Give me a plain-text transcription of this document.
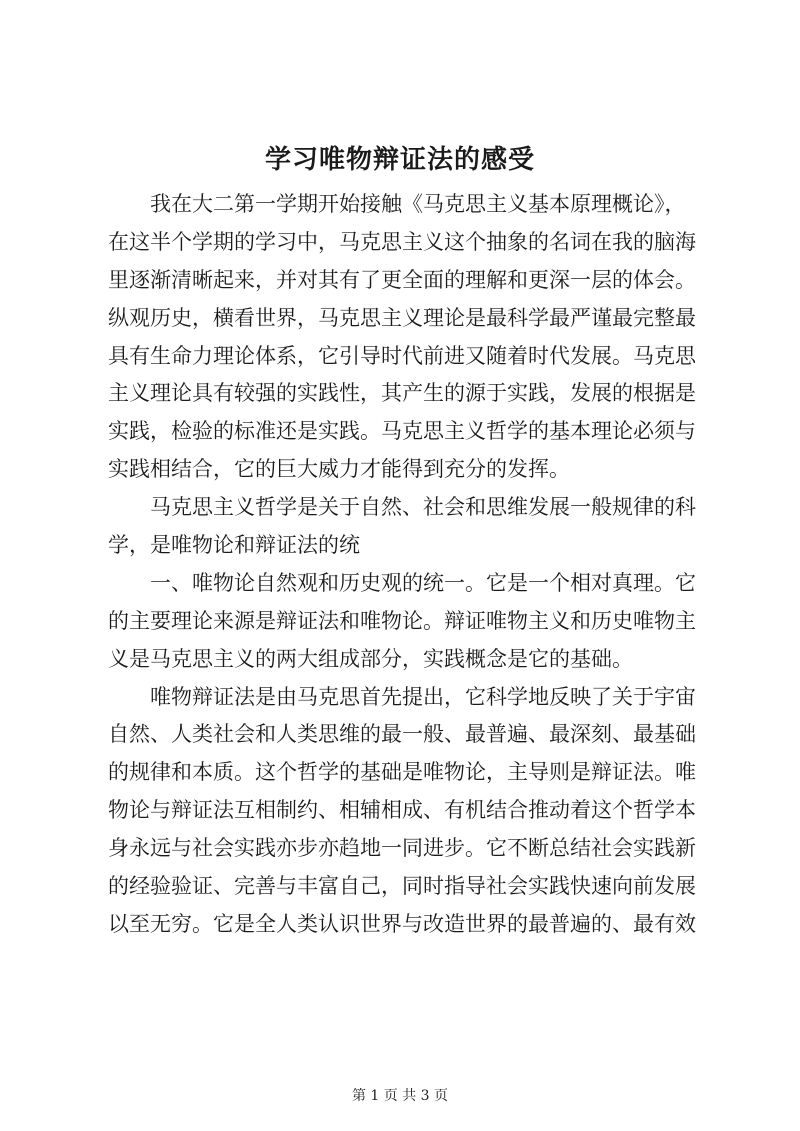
学习唯物辩证法的感受
我在大二第一学期开始接触《马克思主义基本原理概论》，
在这半个学期的学习中，马克思主义这个抽象的名词在我的脑海
里逐渐清晰起来，并对其有了更全面的理解和更深一层的体会。
纵观历史，横看世界，马克思主义理论是最科学最严谨最完整最
具有生命力理论体系，它引导时代前进又随着时代发展。马克思
主义理论具有较强的实践性，其产生的源于实践，发展的根据是
实践，检验的标准还是实践。马克思主义哲学的基本理论必须与
实践相结合，它的巨大威力才能得到充分的发挥。
马克思主义哲学是关于自然、社会和思维发展一般规律的科
学，是唯物论和辩证法的统
一、唯物论自然观和历史观的统一。它是一个相对真理。它
的主要理论来源是辩证法和唯物论。辩证唯物主义和历史唯物主
义是马克思主义的两大组成部分，实践概念是它的基础。
唯物辩证法是由马克思首先提出，它科学地反映了关于宇宙
自然、人类社会和人类思维的最一般、最普遍、最深刻、最基础
的规律和本质。这个哲学的基础是唯物论，主导则是辩证法。唯
物论与辩证法互相制约、相辅相成、有机结合推动着这个哲学本
身永远与社会实践亦步亦趋地一同进步。它不断总结社会实践新
的经验验证、完善与丰富自己，同时指导社会实践快速向前发展
以至无穷。它是全人类认识世界与改造世界的最普遍的、最有效
第 1 页 共 3 页
